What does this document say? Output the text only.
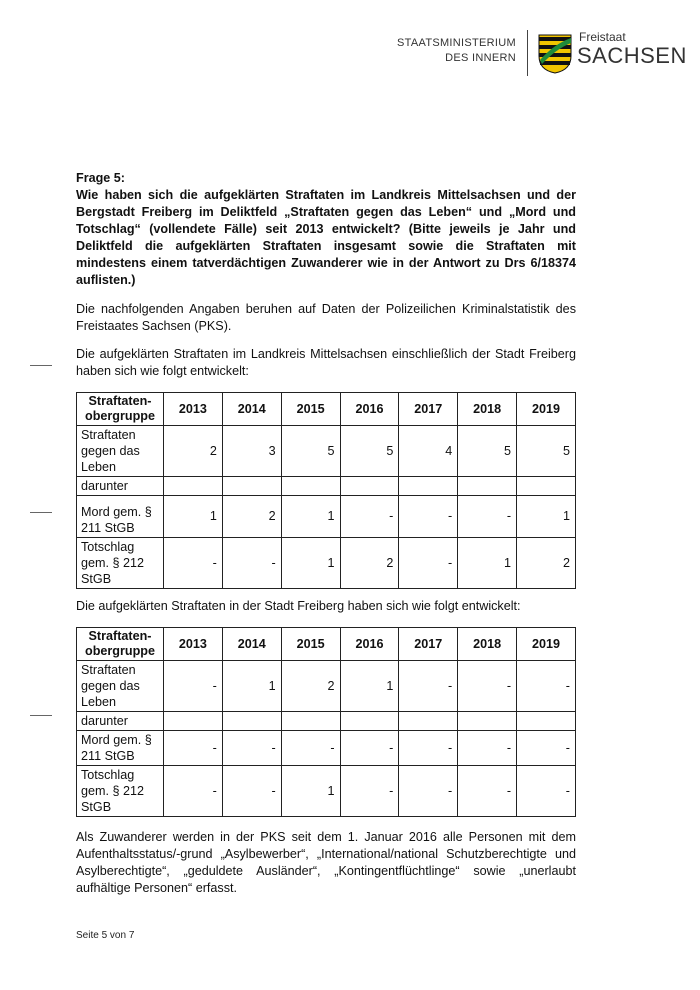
STAATSMINISTERIUM
DES INNERN
Freistaat
SACHSEN
Frage 5:
Wie haben sich die aufgeklärten Straftaten im Landkreis Mittelsachsen und der Bergstadt Freiberg im Deliktfeld „Straftaten gegen das Leben“ und „Mord und Totschlag“ (vollendete Fälle) seit 2013 entwickelt? (Bitte jeweils je Jahr und Deliktfeld die aufgeklärten Straftaten insgesamt sowie die Straftaten mit mindestens einem tatverdächtigen Zuwanderer wie in der Antwort zu Drs 6/18374 auflisten.)
Die nachfolgenden Angaben beruhen auf Daten der Polizeilichen Kriminalstatistik des Freistaates Sachsen (PKS).
Die aufgeklärten Straftaten im Landkreis Mittelsachsen einschließlich der Stadt Freiberg haben sich wie folgt entwickelt:
Straftaten-obergruppe	2013	2014	2015	2016	2017	2018	2019
Straftaten gegen das Leben	2	3	5	5	4	5	5
darunter							
Mord gem. § 211 StGB	1	2	1	-	-	-	1
Totschlag gem. § 212 StGB	-	-	1	2	-	1	2
Die aufgeklärten Straftaten in der Stadt Freiberg haben sich wie folgt entwickelt:
Straftaten-obergruppe	2013	2014	2015	2016	2017	2018	2019
Straftaten gegen das Leben	-	1	2	1	-	-	-
darunter							
Mord gem. § 211 StGB	-	-	-	-	-	-	-
Totschlag gem. § 212 StGB	-	-	1	-	-	-	-
Als Zuwanderer werden in der PKS seit dem 1. Januar 2016 alle Personen mit dem Aufenthaltsstatus/-grund „Asylbewerber“, „International/national Schutzberechtigte und Asylberechtigte“, „geduldete Ausländer“, „Kontingentflüchtlinge“ sowie „unerlaubt aufhältige Personen“ erfasst.
Seite 5 von 7
